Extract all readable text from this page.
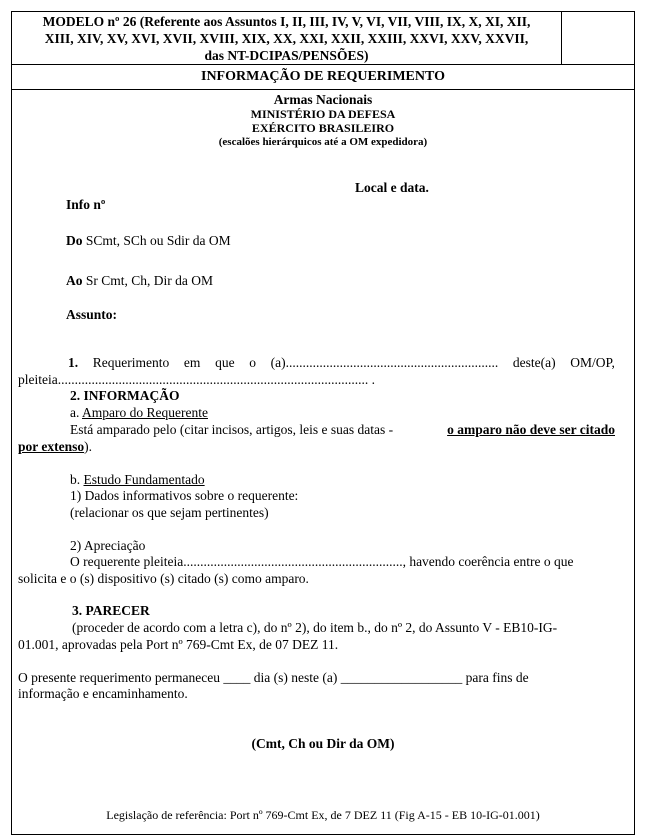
MODELO nº 26 (Referente aos Assuntos I, II, III, IV, V, VI, VII, VIII, IX, X, XI, XII,
XIII, XIV, XV, XVI, XVII, XVIII, XIX, XX, XXI, XXII, XXIII, XXVI, XXV, XXVII,
das NT-DCIPAS/PENSÕES)
INFORMAÇÃO DE REQUERIMENTO
Armas Nacionais
MINISTÉRIO DA DEFESA
EXÉRCITO BRASILEIRO
(escalões hierárquicos até a OM expedidora)
Local e data.
Info nº
Do SCmt, SCh ou Sdir da OM
Ao Sr Cmt, Ch, Dir da OM
Assunto:
1. Requerimento em que o (a)............................................................... deste(a) OM/OP,
pleiteia............................................................................................ .
2. INFORMAÇÃO
a. Amparo do Requerente
Está amparado pelo (citar incisos, artigos, leis e suas datas -	o amparo não deve ser citado
por extenso).
b. Estudo Fundamentado
1) Dados informativos sobre o requerente:
(relacionar os que sejam pertinentes)
2) Apreciação
O requerente pleiteia................................................................., havendo coerência entre o que
solicita e o (s) dispositivo (s) citado (s) como amparo.
3. PARECER
(proceder de acordo com a letra c), do nº 2), do item b., do nº 2, do Assunto V - EB10-IG-
01.001, aprovadas pela Port nº 769-Cmt Ex, de 07 DEZ 11.
O presente requerimento permaneceu ____ dia (s) neste (a) __________________ para fins de
informação e encaminhamento.
(Cmt, Ch ou Dir da OM)
Legislação de referência: Port nº 769-Cmt Ex, de 7 DEZ 11 (Fig A-15 - EB 10-IG-01.001)
